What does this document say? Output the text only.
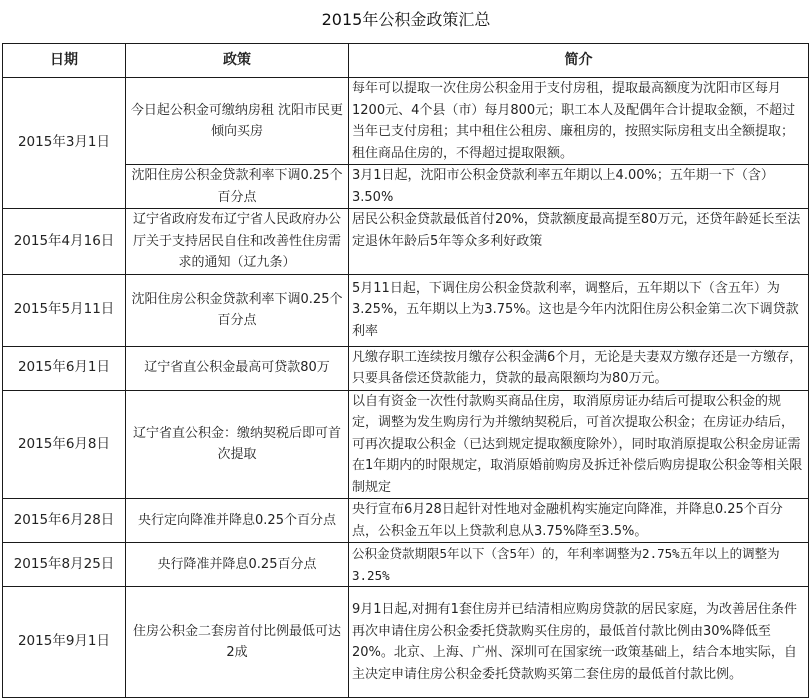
2015年公积金政策汇总
日期	政策	简介
2015年3月1日	今日起公积金可缴纳房租 沈阳市民更倾向买房	每年可以提取一次住房公积金用于支付房租，提取最高额度为沈阳市区每月1200元、4个县（市）每月800元；职工本人及配偶年合计提取金额，不超过当年已支付房租；其中租住公租房、廉租房的，按照实际房租支出全额提取；租住商品住房的，不得超过提取限额。
	沈阳住房公积金贷款利率下调0.25个百分点	3月1日起，沈阳市公积金贷款利率五年期以上4.00%；五年期一下（含）3.50%
2015年4月16日	辽宁省政府发布辽宁省人民政府办公厅关于支持居民自住和改善性住房需求的通知（辽九条）	居民公积金贷款最低首付20%，贷款额度最高提至80万元，还贷年龄延长至法定退休年龄后5年等众多利好政策
2015年5月11日	沈阳住房公积金贷款利率下调0.25个百分点	5月11日起，下调住房公积金贷款利率，调整后，五年期以下（含五年）为3.25%，五年期以上为3.75%。这也是今年内沈阳住房公积金第二次下调贷款利率
2015年6月1日	辽宁省直公积金最高可贷款80万	凡缴存职工连续按月缴存公积金满6个月，无论是夫妻双方缴存还是一方缴存，只要具备偿还贷款能力，贷款的最高限额均为80万元。
2015年6月8日	辽宁省直公积金：缴纳契税后即可首次提取	以自有资金一次性付款购买商品住房，取消原房证办结后可提取公积金的规定，调整为发生购房行为并缴纳契税后，可首次提取公积金；在房证办结后，可再次提取公积金（已达到规定提取额度除外），同时取消原提取公积金房证需在1年期内的时限规定，取消原婚前购房及拆迁补偿后购房提取公积金等相关限制规定
2015年6月28日	央行定向降准并降息0.25个百分点	央行宣布6月28日起针对性地对金融机构实施定向降准，并降息0.25个百分点，公积金五年以上贷款利息从3.75%降至3.5%。
2015年8月25日	央行降准并降息0.25百分点	公积金贷款期限5年以下（含5年）的，年利率调整为2.75%五年以上的调整为3.25%
2015年9月1日	住房公积金二套房首付比例最低可达2成	9月1日起,对拥有1套住房并已结清相应购房贷款的居民家庭，为改善居住条件再次申请住房公积金委托贷款购买住房的，最低首付款比例由30%降低至20%。北京、上海、广州、深圳可在国家统一政策基础上，结合本地实际，自主决定申请住房公积金委托贷款购买第二套住房的最低首付款比例。
